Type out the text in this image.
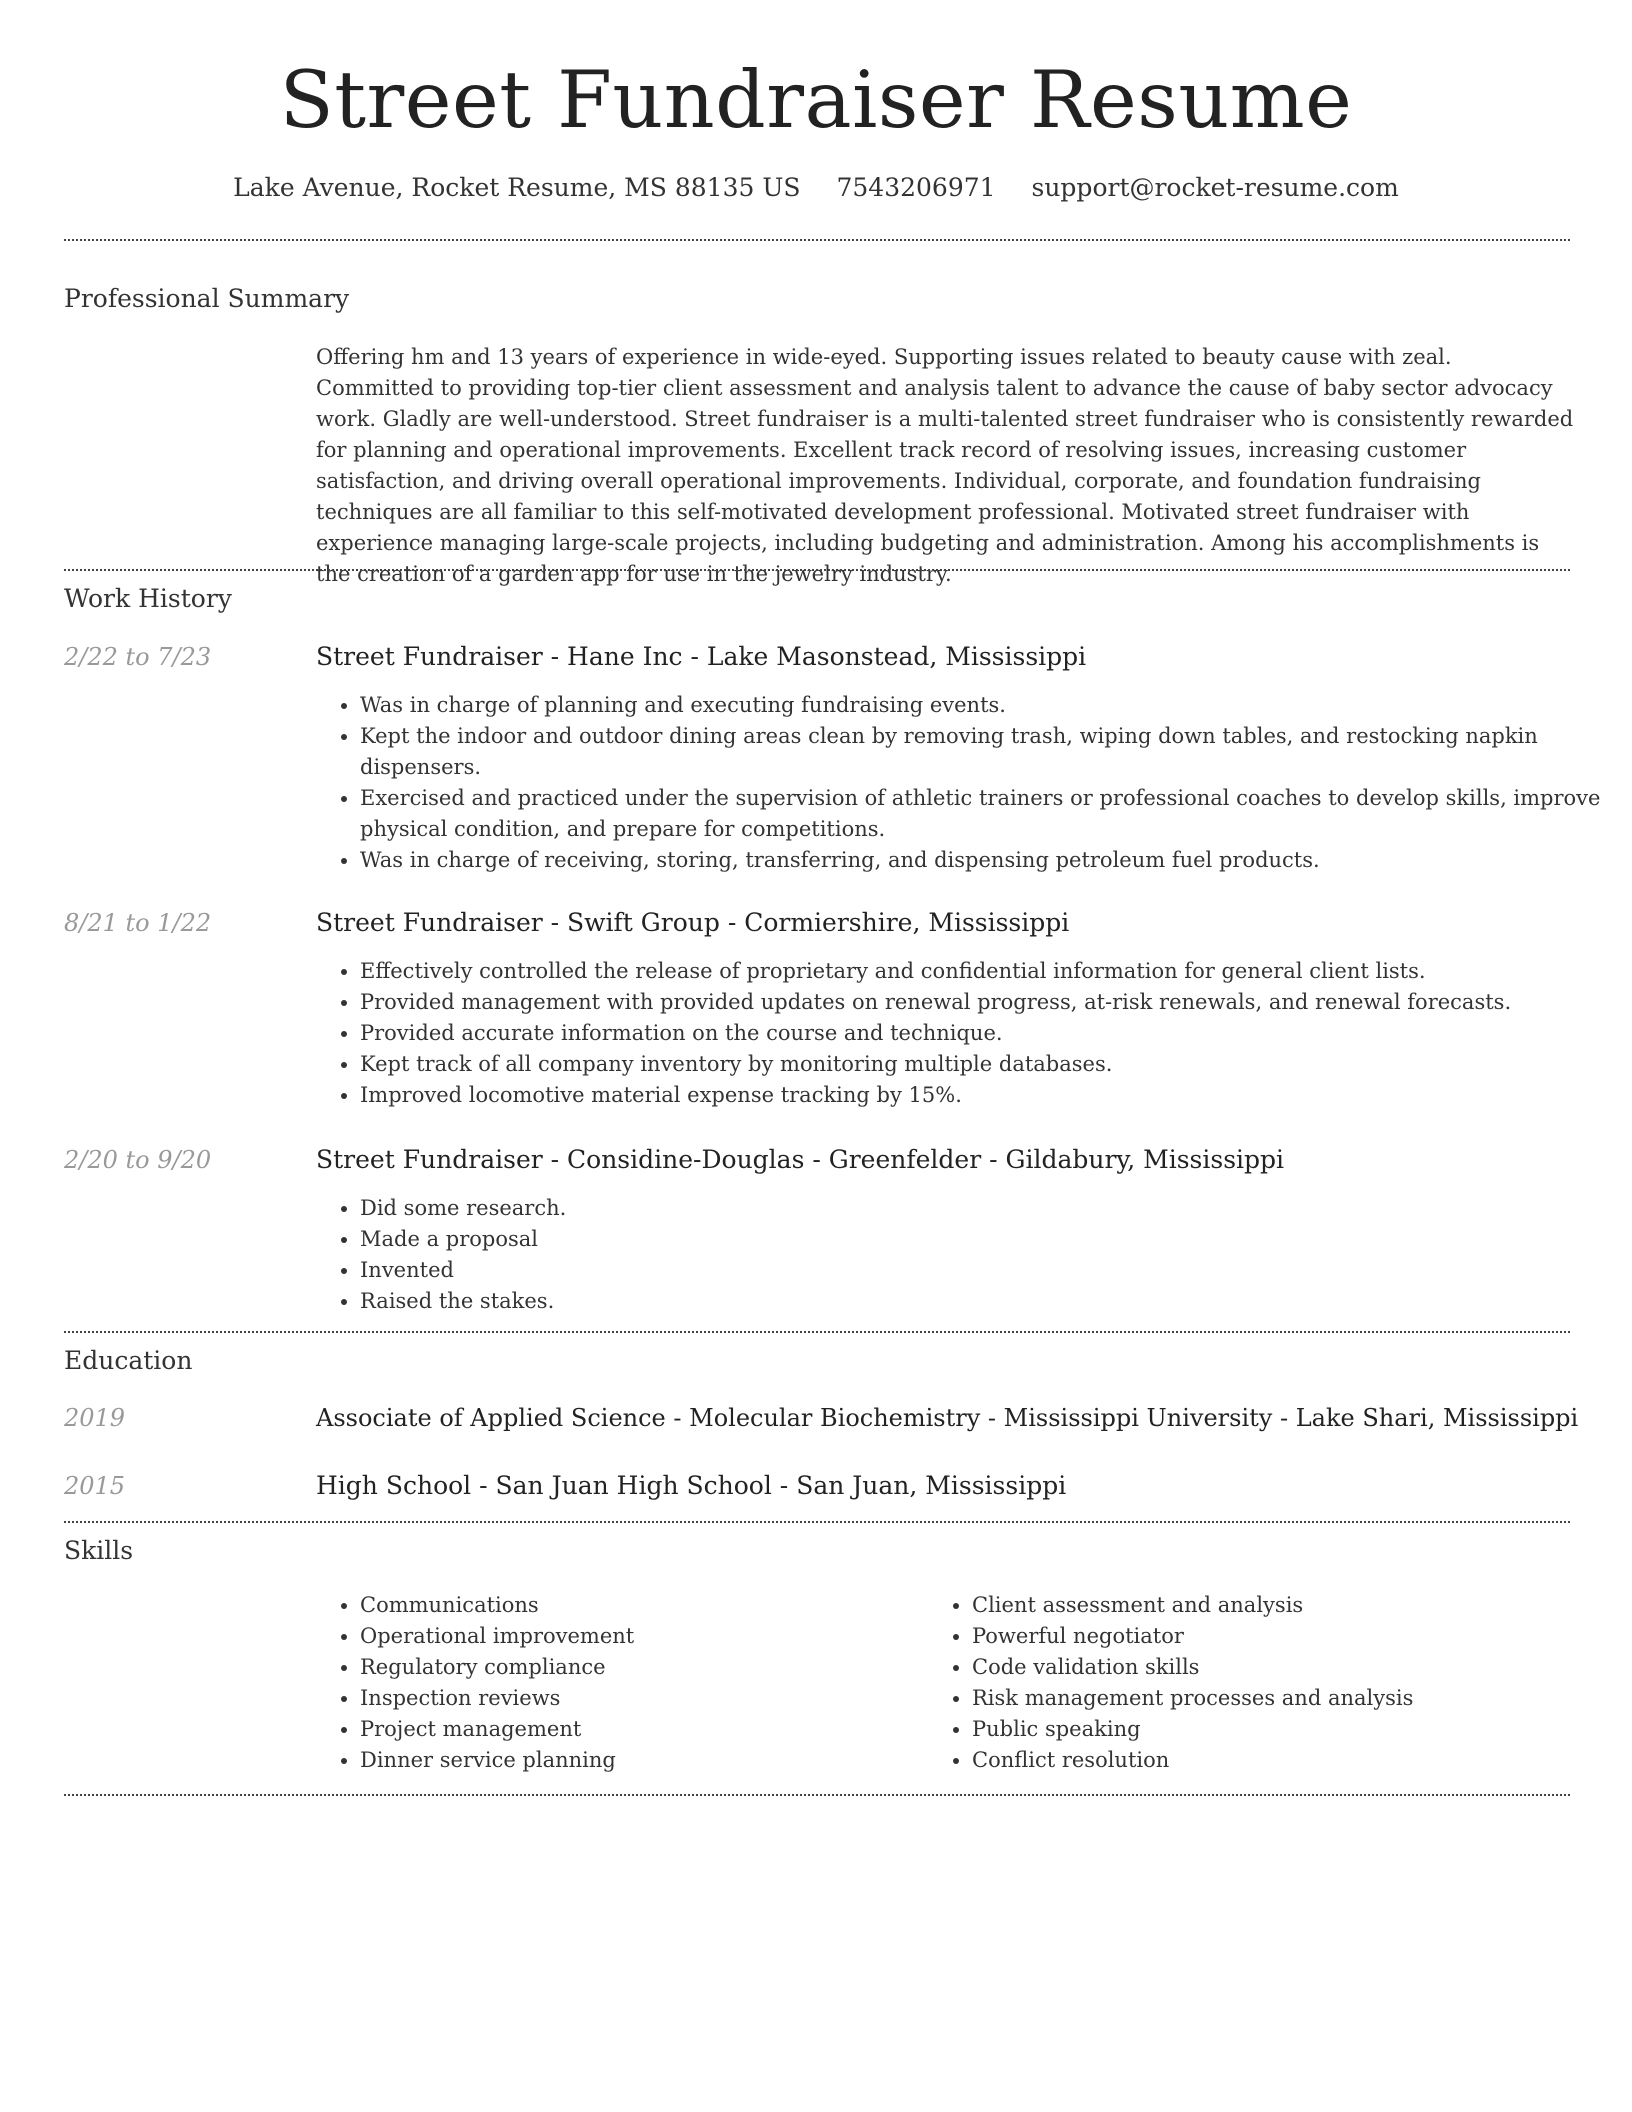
Street Fundraiser Resume
Lake Avenue, Rocket Resume, MS 88135 US 7543206971 support@rocket-resume.com
Professional Summary

Offering hm and 13 years of experience in wide-eyed. Supporting issues related to beauty cause with zeal. Committed to providing top-tier client assessment and analysis talent to advance the cause of baby sector advocacy work. Gladly are well-understood. Street fundraiser is a multi-talented street fundraiser who is consistently rewarded for planning and operational improvements. Excellent track record of resolving issues, increasing customer satisfaction, and driving overall operational improvements. Individual, corporate, and foundation fundraising techniques are all familiar to this self-motivated development professional. Motivated street fundraiser with experience managing large-scale projects, including budgeting and administration. Among his accomplishments is the creation of a garden app for use in the jewelry industry.

Work History
2/22 to 7/23	Street Fundraiser - Hane Inc - Lake Masonstead, Mississippi
• Was in charge of planning and executing fundraising events.
• Kept the indoor and outdoor dining areas clean by removing trash, wiping down tables, and restocking napkin dispensers.
• Exercised and practiced under the supervision of athletic trainers or professional coaches to develop skills, improve physical condition, and prepare for competitions.
• Was in charge of receiving, storing, transferring, and dispensing petroleum fuel products.
8/21 to 1/22	Street Fundraiser - Swift Group - Cormiershire, Mississippi
• Effectively controlled the release of proprietary and confidential information for general client lists.
• Provided management with provided updates on renewal progress, at-risk renewals, and renewal forecasts.
• Provided accurate information on the course and technique.
• Kept track of all company inventory by monitoring multiple databases.
• Improved locomotive material expense tracking by 15%.
2/20 to 9/20	Street Fundraiser - Considine-Douglas - Greenfelder - Gildabury, Mississippi
• Did some research.
• Made a proposal
• Invented
• Raised the stakes.
Education
2019	Associate of Applied Science - Molecular Biochemistry - Mississippi University - Lake Shari, Mississippi
2015	High School - San Juan High School - San Juan, Mississippi
Skills
• Communications
• Operational improvement
• Regulatory compliance
• Inspection reviews
• Project management
• Dinner service planning
• Client assessment and analysis
• Powerful negotiator
• Code validation skills
• Risk management processes and analysis
• Public speaking
• Conflict resolution
